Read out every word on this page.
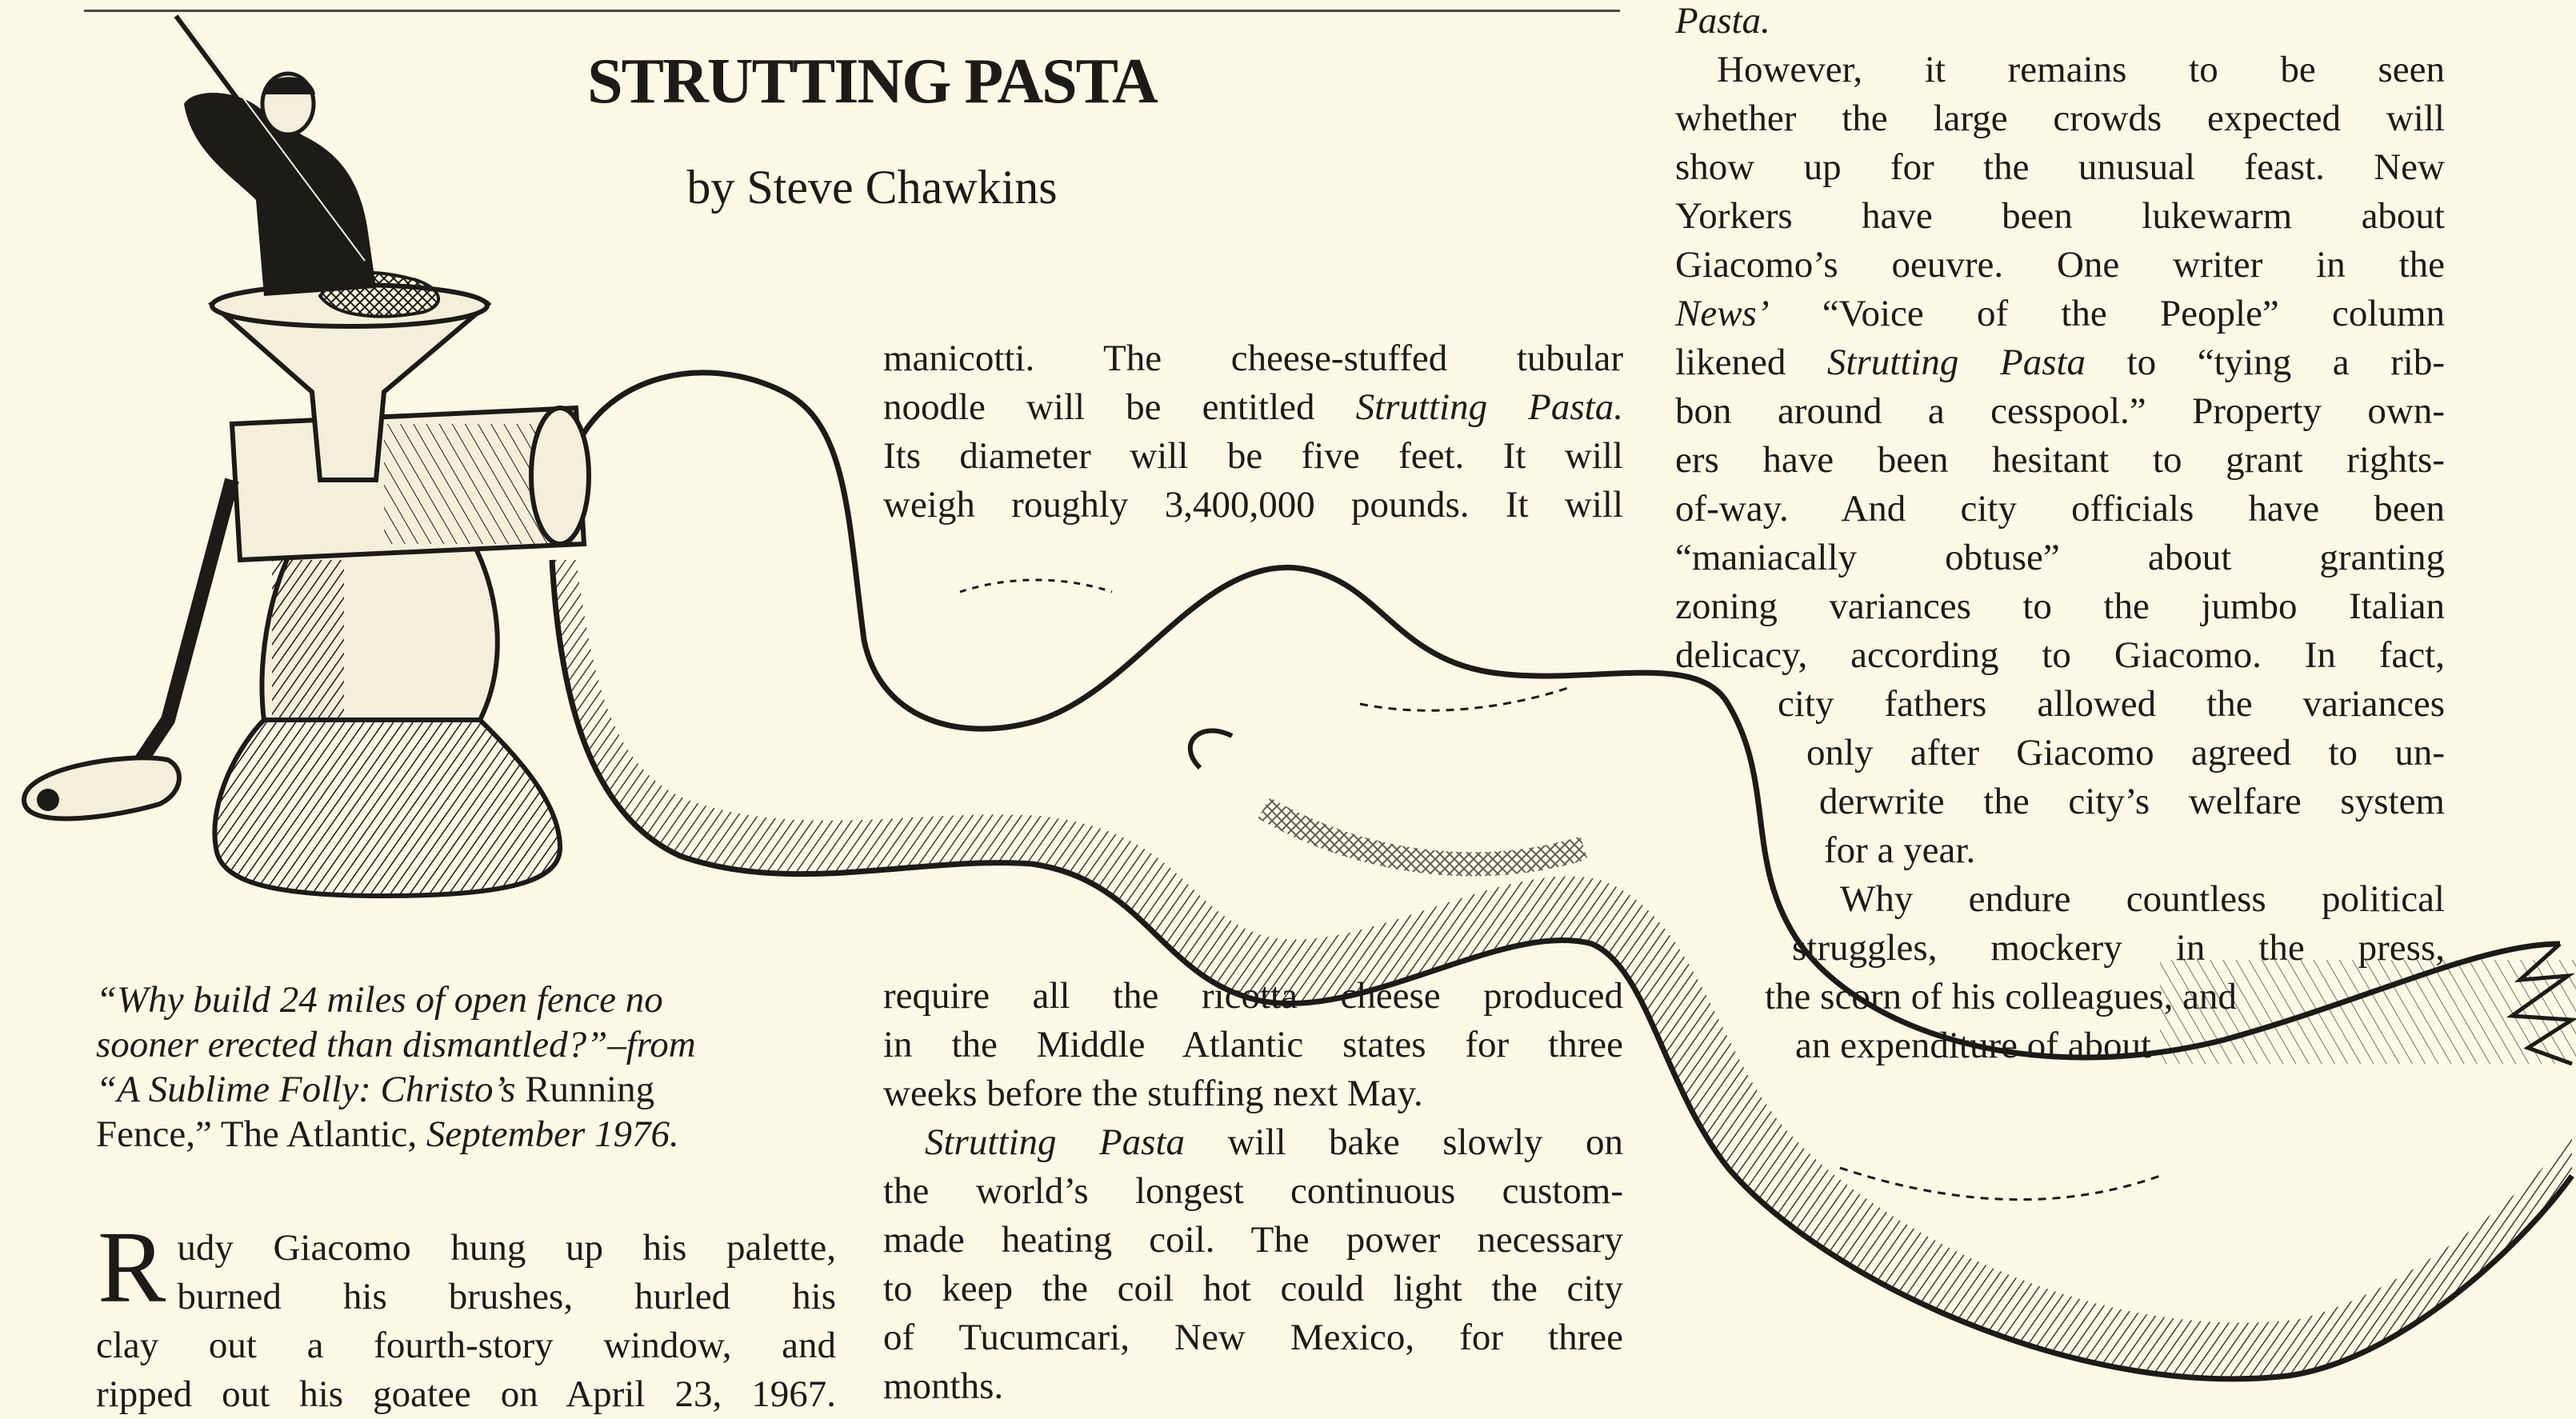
STRUTTING PASTA
by Steve Chawkins
manicotti. The cheese-stuffed tubular
noodle will be entitled Strutting Pasta.
Its diameter will be five feet. It will
weigh roughly 3,400,000 pounds. It will
“Why build 24 miles of open fence no
sooner erected than dismantled?”–from
“A Sublime Folly: Christo’s Running
Fence,” The Atlantic, September 1976.
R udy Giacomo hung up his palette,
burned his brushes, hurled his
clay out a fourth-story window, and
ripped out his goatee on April 23, 1967.
require all the ricotta cheese produced
in the Middle Atlantic states for three
weeks before the stuffing next May.
Strutting Pasta will bake slowly on
the world’s longest continuous custom-
made heating coil. The power necessary
to keep the coil hot could light the city
of Tucumcari, New Mexico, for three
months.
Pasta.
However, it remains to be seen
whether the large crowds expected will
show up for the unusual feast. New
Yorkers have been lukewarm about
Giacomo’s oeuvre. One writer in the
News’ “Voice of the People” column
likened Strutting Pasta to “tying a rib-
bon around a cesspool.” Property own-
ers have been hesitant to grant rights-
of-way. And city officials have been
“maniacally obtuse” about granting
zoning variances to the jumbo Italian
delicacy, according to Giacomo. In fact,
city fathers allowed the variances
only after Giacomo agreed to un-
derwrite the city’s welfare system
for a year.
Why endure countless political
struggles, mockery in the press,
the scorn of his colleagues, and
an expenditure of about
